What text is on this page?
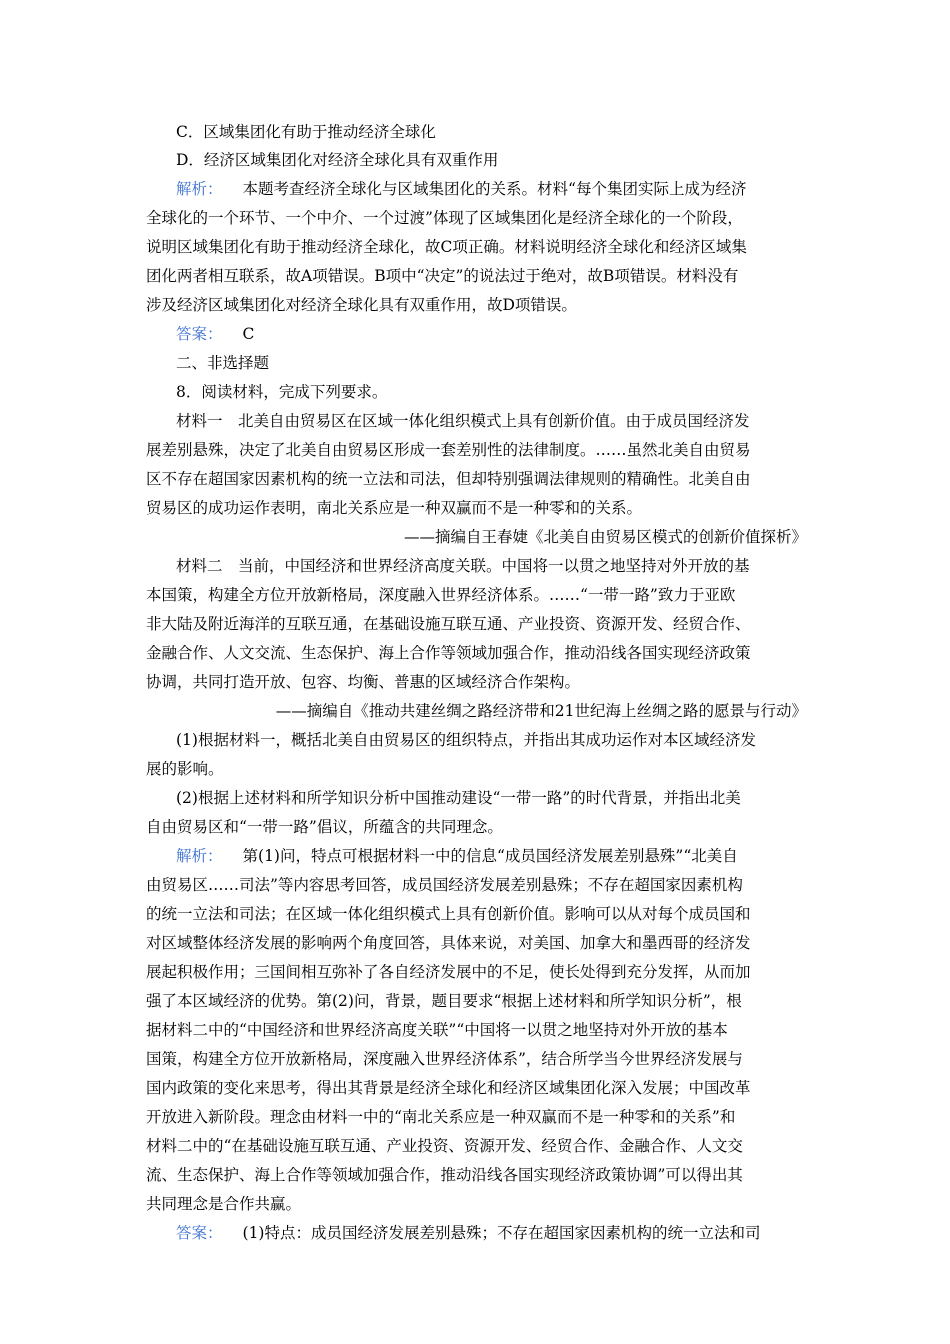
C．区域集团化有助于推动经济全球化
D．经济区域集团化对经济全球化具有双重作用
解析： 本题考查经济全球化与区域集团化的关系。材料“每个集团实际上成为经济
全球化的一个环节、一个中介、一个过渡”体现了区域集团化是经济全球化的一个阶段，
说明区域集团化有助于推动经济全球化，故C项正确。材料说明经济全球化和经济区域集
团化两者相互联系，故A项错误。B项中“决定”的说法过于绝对，故B项错误。材料没有
涉及经济区域集团化对经济全球化具有双重作用，故D项错误。
答案： C
二、非选择题
8．阅读材料，完成下列要求。
材料一　北美自由贸易区在区域一体化组织模式上具有创新价值。由于成员国经济发
展差别悬殊，决定了北美自由贸易区形成一套差别性的法律制度。……虽然北美自由贸易
区不存在超国家因素机构的统一立法和司法，但却特别强调法律规则的精确性。北美自由
贸易区的成功运作表明，南北关系应是一种双赢而不是一种零和的关系。
——摘编自王春婕《北美自由贸易区模式的创新价值探析》
材料二　当前，中国经济和世界经济高度关联。中国将一以贯之地坚持对外开放的基
本国策，构建全方位开放新格局，深度融入世界经济体系。……“一带一路”致力于亚欧
非大陆及附近海洋的互联互通，在基础设施互联互通、产业投资、资源开发、经贸合作、
金融合作、人文交流、生态保护、海上合作等领域加强合作，推动沿线各国实现经济政策
协调，共同打造开放、包容、均衡、普惠的区域经济合作架构。
——摘编自《推动共建丝绸之路经济带和21世纪海上丝绸之路的愿景与行动》
(1)根据材料一，概括北美自由贸易区的组织特点，并指出其成功运作对本区域经济发
展的影响。
(2)根据上述材料和所学知识分析中国推动建设“一带一路”的时代背景，并指出北美
自由贸易区和“一带一路”倡议，所蕴含的共同理念。
解析： 第(1)问，特点可根据材料一中的信息“成员国经济发展差别悬殊”“北美自
由贸易区……司法”等内容思考回答，成员国经济发展差别悬殊；不存在超国家因素机构
的统一立法和司法；在区域一体化组织模式上具有创新价值。影响可以从对每个成员国和
对区域整体经济发展的影响两个角度回答，具体来说，对美国、加拿大和墨西哥的经济发
展起积极作用；三国间相互弥补了各自经济发展中的不足，使长处得到充分发挥，从而加
强了本区域经济的优势。第(2)问，背景，题目要求“根据上述材料和所学知识分析”，根
据材料二中的“中国经济和世界经济高度关联”“中国将一以贯之地坚持对外开放的基本
国策，构建全方位开放新格局，深度融入世界经济体系”，结合所学当今世界经济发展与
国内政策的变化来思考，得出其背景是经济全球化和经济区域集团化深入发展；中国改革
开放进入新阶段。理念由材料一中的“南北关系应是一种双赢而不是一种零和的关系”和
材料二中的“在基础设施互联互通、产业投资、资源开发、经贸合作、金融合作、人文交
流、生态保护、海上合作等领域加强合作，推动沿线各国实现经济政策协调”可以得出其
共同理念是合作共赢。
答案： (1)特点：成员国经济发展差别悬殊；不存在超国家因素机构的统一立法和司
